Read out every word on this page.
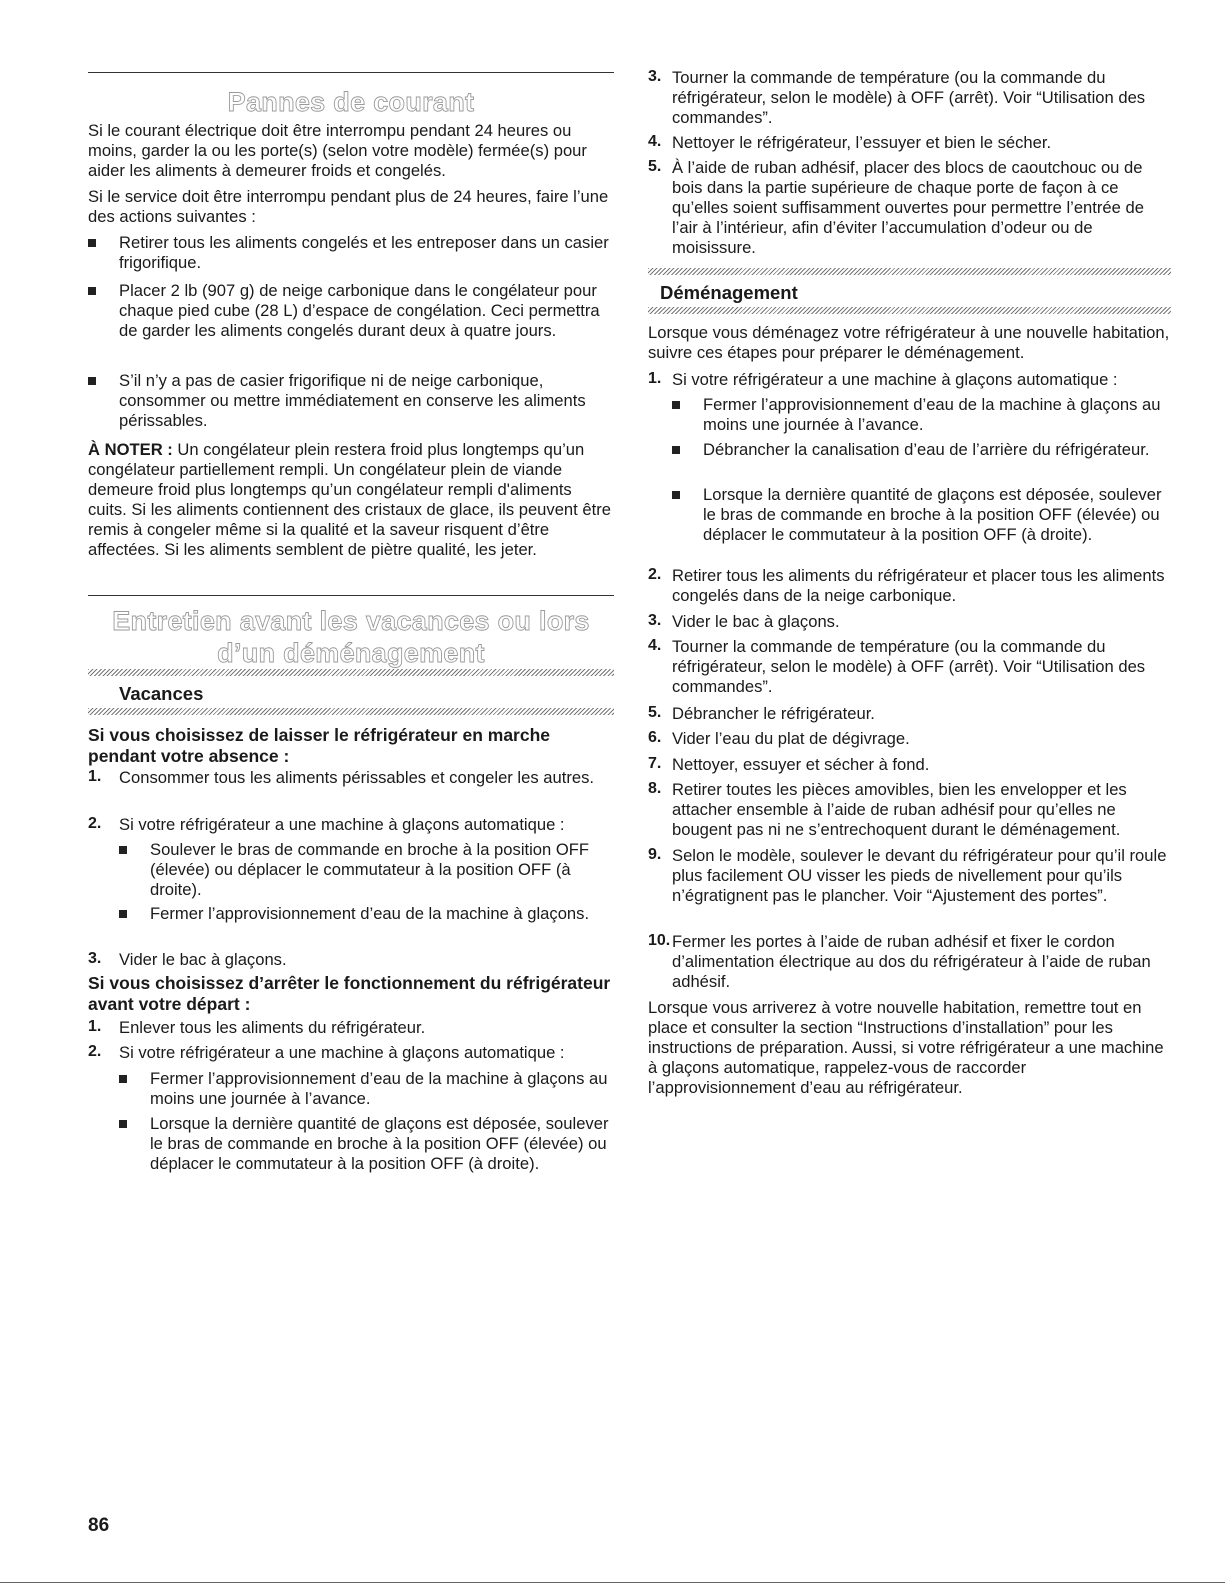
Pannes de courant

Si le courant électrique doit être interrompu pendant 24 heures ou moins, garder la ou les porte(s) (selon votre modèle) fermée(s) pour aider les aliments à demeurer froids et congelés.

Si le service doit être interrompu pendant plus de 24 heures, faire l’une des actions suivantes :

Retirer tous les aliments congelés et les entreposer dans un casier frigorifique.

Placer 2 lb (907 g) de neige carbonique dans le congélateur pour chaque pied cube (28 L) d’espace de congélation. Ceci permettra de garder les aliments congelés durant deux à quatre jours.

S’il n’y a pas de casier frigorifique ni de neige carbonique, consommer ou mettre immédiatement en conserve les aliments périssables.

À NOTER : Un congélateur plein restera froid plus longtemps qu’un congélateur partiellement rempli. Un congélateur plein de viande demeure froid plus longtemps qu’un congélateur rempli d'aliments cuits. Si les aliments contiennent des cristaux de glace, ils peuvent être remis à congeler même si la qualité et la saveur risquent d’être affectées. Si les aliments semblent de piètre qualité, les jeter.

Entretien avant les vacances ou lors
d’un déménagement
Vacances
Si vous choisissez de laisser le réfrigérateur en marche pendant votre absence :
1. Consommer tous les aliments périssables et congeler les autres.

2. Si votre réfrigérateur a une machine à glaçons automatique :

Soulever le bras de commande en broche à la position OFF (élevée) ou déplacer le commutateur à la position OFF (à droite).

Fermer l’approvisionnement d’eau de la machine à glaçons.

3. Vider le bac à glaçons.

Si vous choisissez d’arrêter le fonctionnement du réfrigérateur avant votre départ :
1. Enlever tous les aliments du réfrigérateur.

2. Si votre réfrigérateur a une machine à glaçons automatique :

Fermer l’approvisionnement d’eau de la machine à glaçons au moins une journée à l’avance.

Lorsque la dernière quantité de glaçons est déposée, soulever le bras de commande en broche à la position OFF (élevée) ou déplacer le commutateur à la position OFF (à droite).

3. Tourner la commande de température (ou la commande du réfrigérateur, selon le modèle) à OFF (arrêt). Voir “Utilisation des commandes”.

4. Nettoyer le réfrigérateur, l’essuyer et bien le sécher.

5. À l’aide de ruban adhésif, placer des blocs de caoutchouc ou de bois dans la partie supérieure de chaque porte de façon à ce qu’elles soient suffisamment ouvertes pour permettre l’entrée de l’air à l’intérieur, afin d’éviter l’accumulation d’odeur ou de moisissure.

Déménagement

Lorsque vous déménagez votre réfrigérateur à une nouvelle habitation, suivre ces étapes pour préparer le déménagement.

1. Si votre réfrigérateur a une machine à glaçons automatique :

Fermer l’approvisionnement d’eau de la machine à glaçons au moins une journée à l’avance.

Débrancher la canalisation d’eau de l’arrière du réfrigérateur.

Lorsque la dernière quantité de glaçons est déposée, soulever le bras de commande en broche à la position OFF (élevée) ou déplacer le commutateur à la position OFF (à droite).

2. Retirer tous les aliments du réfrigérateur et placer tous les aliments congelés dans de la neige carbonique.

3. Vider le bac à glaçons.

4. Tourner la commande de température (ou la commande du réfrigérateur, selon le modèle) à OFF (arrêt). Voir “Utilisation des commandes”.

5. Débrancher le réfrigérateur.

6. Vider l’eau du plat de dégivrage.

7. Nettoyer, essuyer et sécher à fond.

8. Retirer toutes les pièces amovibles, bien les envelopper et les attacher ensemble à l’aide de ruban adhésif pour qu’elles ne bougent pas ni ne s’entrechoquent durant le déménagement.

9. Selon le modèle, soulever le devant du réfrigérateur pour qu’il roule plus facilement OU visser les pieds de nivellement pour qu’ils n’égratignent pas le plancher. Voir “Ajustement des portes”.

10. Fermer les portes à l’aide de ruban adhésif et fixer le cordon d’alimentation électrique au dos du réfrigérateur à l’aide de ruban adhésif.

Lorsque vous arriverez à votre nouvelle habitation, remettre tout en place et consulter la section “Instructions d’installation” pour les instructions de préparation. Aussi, si votre réfrigérateur a une machine à glaçons automatique, rappelez-vous de raccorder l’approvisionnement d’eau au réfrigérateur.

86
